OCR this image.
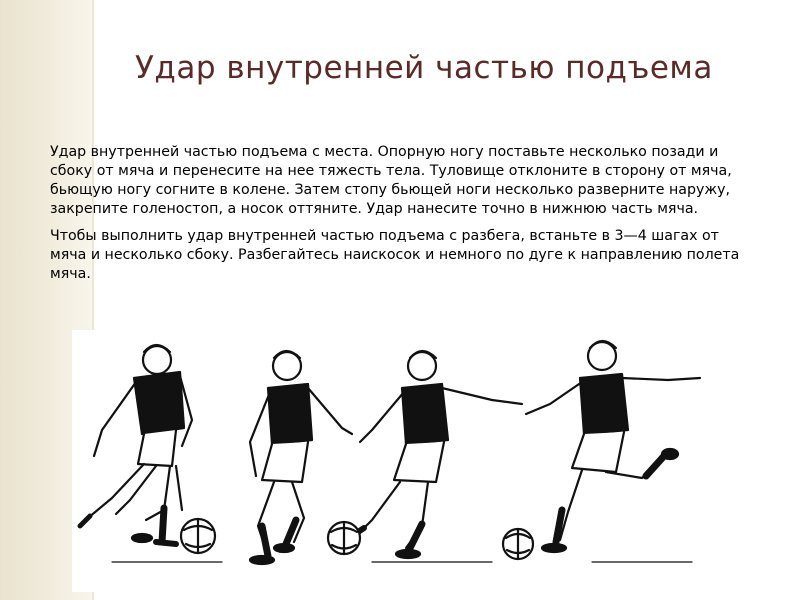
Удар внутренней частью подъема

Удар внутренней частью подъема с места. Опорную ногу поставьте несколько позади и сбоку от мяча и перенесите на нее тяжесть тела. Туловище отклоните в сторону от мяча, бьющую ногу согните в колене. Затем стопу бьющей ноги несколько разверните наружу, закрепите голеностоп, а носок оттяните. Удар нанесите точно в нижнюю часть мяча.

Чтобы выполнить удар внутренней частью подъема с разбега, встаньте в 3—4 шагах от мяча и несколько сбоку. Разбегайтесь наискосок и немного по дуге к направлению полета мяча.
